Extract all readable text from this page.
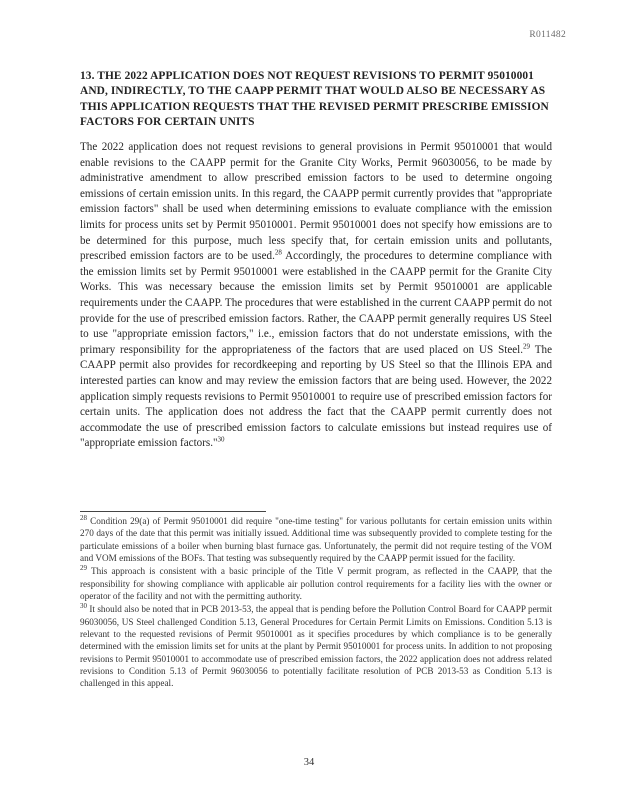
R011482
13. THE 2022 APPLICATION DOES NOT REQUEST REVISIONS TO PERMIT 95010001 AND, INDIRECTLY, TO THE CAAPP PERMIT THAT WOULD ALSO BE NECESSARY AS THIS APPLICATION REQUESTS THAT THE REVISED PERMIT PRESCRIBE EMISSION FACTORS FOR CERTAIN UNITS
The 2022 application does not request revisions to general provisions in Permit 95010001 that would enable revisions to the CAAPP permit for the Granite City Works, Permit 96030056, to be made by administrative amendment to allow prescribed emission factors to be used to determine ongoing emissions of certain emission units. In this regard, the CAAPP permit currently provides that "appropriate emission factors" shall be used when determining emissions to evaluate compliance with the emission limits for process units set by Permit 95010001. Permit 95010001 does not specify how emissions are to be determined for this purpose, much less specify that, for certain emission units and pollutants, prescribed emission factors are to be used.$^{28}$ Accordingly, the procedures to determine compliance with the emission limits set by Permit 95010001 were established in the CAAPP permit for the Granite City Works. This was necessary because the emission limits set by Permit 95010001 are applicable requirements under the CAAPP. The procedures that were established in the current CAAPP permit do not provide for the use of prescribed emission factors. Rather, the CAAPP permit generally requires US Steel to use "appropriate emission factors," i.e., emission factors that do not understate emissions, with the primary responsibility for the appropriateness of the factors that are used placed on US Steel.$^{29}$ The CAAPP permit also provides for recordkeeping and reporting by US Steel so that the Illinois EPA and interested parties can know and may review the emission factors that are being used. However, the 2022 application simply requests revisions to Permit 95010001 to require use of prescribed emission factors for certain units. The application does not address the fact that the CAAPP permit currently does not accommodate the use of prescribed emission factors to calculate emissions but instead requires use of "appropriate emission factors."$^{30}$
$^{28}$ Condition 29(a) of Permit 95010001 did require "one-time testing" for various pollutants for certain emission units within 270 days of the date that this permit was initially issued. Additional time was subsequently provided to complete testing for the particulate emissions of a boiler when burning blast furnace gas. Unfortunately, the permit did not require testing of the VOM and VOM emissions of the BOFs. That testing was subsequently required by the CAAPP permit issued for the facility.
$^{29}$ This approach is consistent with a basic principle of the Title V permit program, as reflected in the CAAPP, that the responsibility for showing compliance with applicable air pollution control requirements for a facility lies with the owner or operator of the facility and not with the permitting authority.
$^{30}$ It should also be noted that in PCB 2013-53, the appeal that is pending before the Pollution Control Board for CAAPP permit 96030056, US Steel challenged Condition 5.13, General Procedures for Certain Permit Limits on Emissions. Condition 5.13 is relevant to the requested revisions of Permit 95010001 as it specifies procedures by which compliance is to be generally determined with the emission limits set for units at the plant by Permit 95010001 for process units. In addition to not proposing revisions to Permit 95010001 to accommodate use of prescribed emission factors, the 2022 application does not address related revisions to Condition 5.13 of Permit 96030056 to potentially facilitate resolution of PCB 2013-53 as Condition 5.13 is challenged in this appeal.
34
